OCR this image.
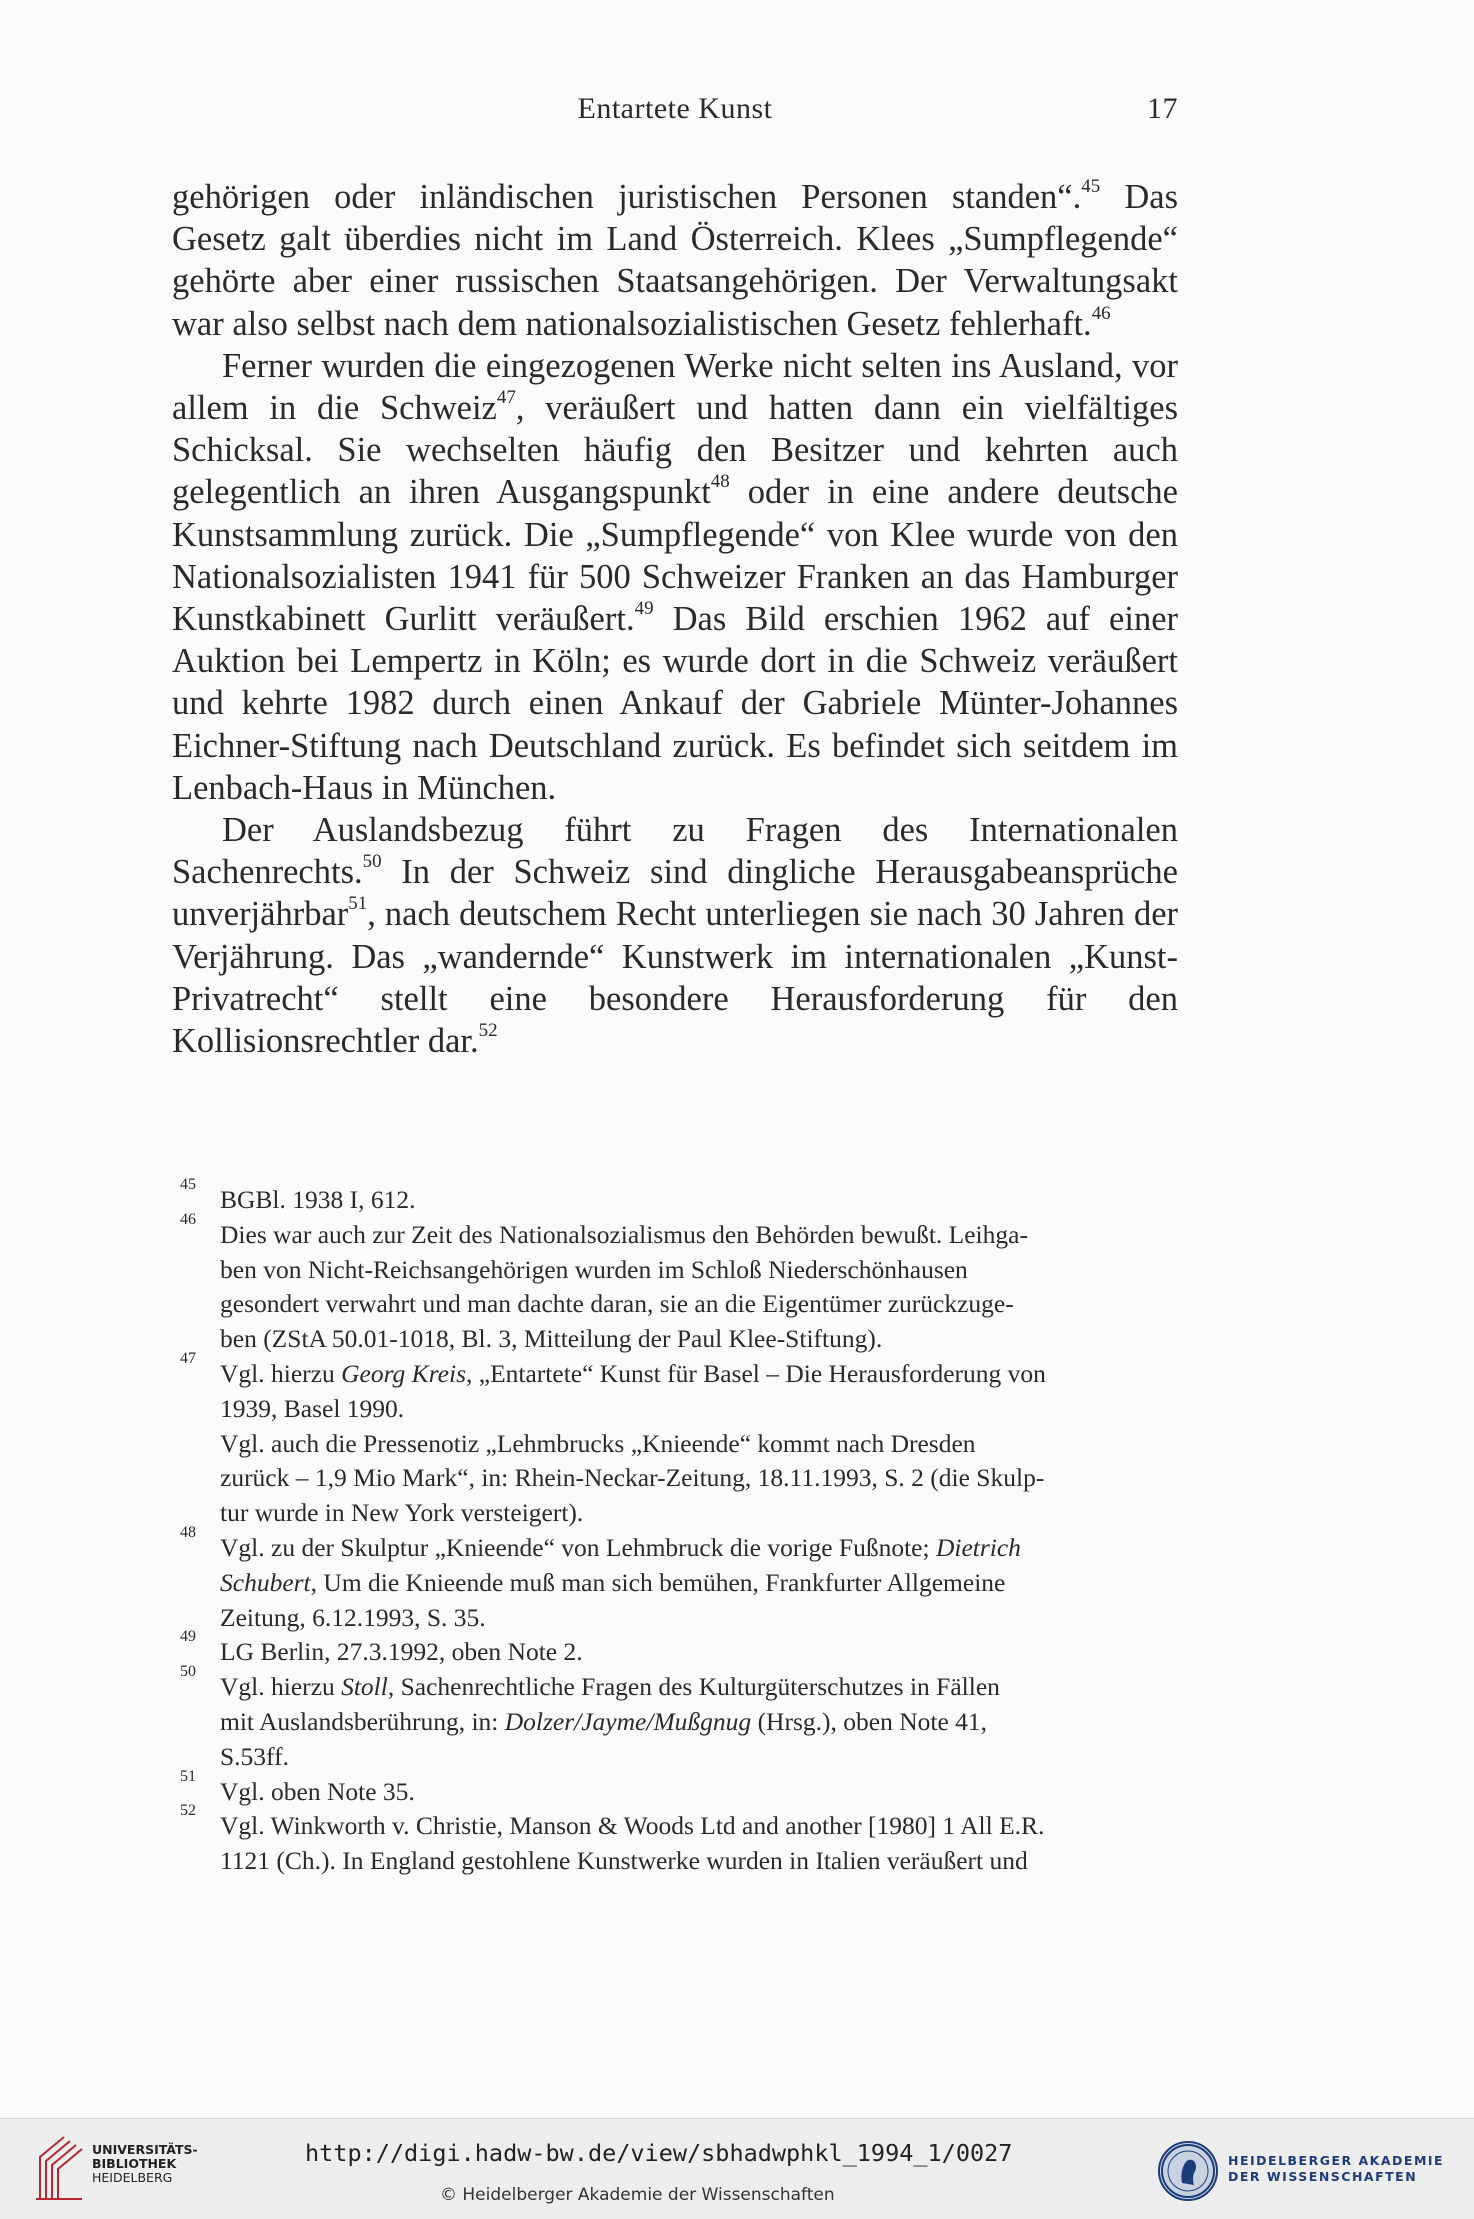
Entartete Kunst	17

gehörigen oder inländischen juristischen Personen standen“.$^{45}$ Das Gesetz galt überdies nicht im Land Österreich. Klees „Sumpflegende“ gehörte aber einer russischen Staatsangehörigen. Der Verwaltungsakt war also selbst nach dem nationalsozialistischen Gesetz fehlerhaft.$^{46}$

Ferner wurden die eingezogenen Werke nicht selten ins Ausland, vor allem in die Schweiz$^{47}$, veräußert und hatten dann ein vielfältiges Schicksal. Sie wechselten häufig den Besitzer und kehrten auch gelegentlich an ihren Ausgangspunkt$^{48}$ oder in eine andere deutsche Kunstsammlung zurück. Die „Sumpflegende“ von Klee wurde von den Nationalsozialisten 1941 für 500 Schweizer Franken an das Hamburger Kunstkabinett Gurlitt veräußert.$^{49}$ Das Bild erschien 1962 auf einer Auktion bei Lempertz in Köln; es wurde dort in die Schweiz veräußert und kehrte 1982 durch einen Ankauf der Gabriele Münter-Johannes Eichner-Stiftung nach Deutschland zurück. Es befindet sich seitdem im Lenbach-Haus in München.

Der Auslandsbezug führt zu Fragen des Internationalen Sachenrechts.$^{50}$ In der Schweiz sind dingliche Herausgabeansprüche unverjährbar$^{51}$, nach deutschem Recht unterliegen sie nach 30 Jahren der Verjährung. Das „wandernde“ Kunstwerk im internationalen „Kunst-Privatrecht“ stellt eine besondere Herausforderung für den Kollisionsrechtler dar.$^{52}$

45
BGBl. 1938 I, 612.
46
Dies war auch zur Zeit des Nationalsozialismus den Behörden bewußt. Leihga-
ben von Nicht-Reichsangehörigen wurden im Schloß Niederschönhausen
gesondert verwahrt und man dachte daran, sie an die Eigentümer zurückzuge-
ben (ZStA 50.01-1018, Bl. 3, Mitteilung der Paul Klee-Stiftung).
47
Vgl. hierzu Georg Kreis, „Entartete“ Kunst für Basel – Die Herausforderung von
1939, Basel 1990.
Vgl. auch die Pressenotiz „Lehmbrucks „Knieende“ kommt nach Dresden
zurück – 1,9 Mio Mark“, in: Rhein-Neckar-Zeitung, 18.11.1993, S. 2 (die Skulp-
tur wurde in New York versteigert).
48
Vgl. zu der Skulptur „Knieende“ von Lehmbruck die vorige Fußnote; Dietrich
Schubert, Um die Knieende muß man sich bemühen, Frankfurter Allgemeine
Zeitung, 6.12.1993, S. 35.
49
LG Berlin, 27.3.1992, oben Note 2.
50
Vgl. hierzu Stoll, Sachenrechtliche Fragen des Kulturgüterschutzes in Fällen
mit Auslandsberührung, in: Dolzer/Jayme/Mußgnug (Hrsg.), oben Note 41,
S.53ff.
51
Vgl. oben Note 35.
52
Vgl. Winkworth v. Christie, Manson & Woods Ltd and another [1980] 1 All E.R.
1121 (Ch.). In England gestohlene Kunstwerke wurden in Italien veräußert und
UNIVERSITÄTS-
BIBLIOTHEK
HEIDELBERG
http://digi.hadw-bw.de/view/sbhadwphkl_1994_1/0027
© Heidelberger Akademie der Wissenschaften
HEIDELBERGER AKADEMIE
DER WISSENSCHAFTEN
